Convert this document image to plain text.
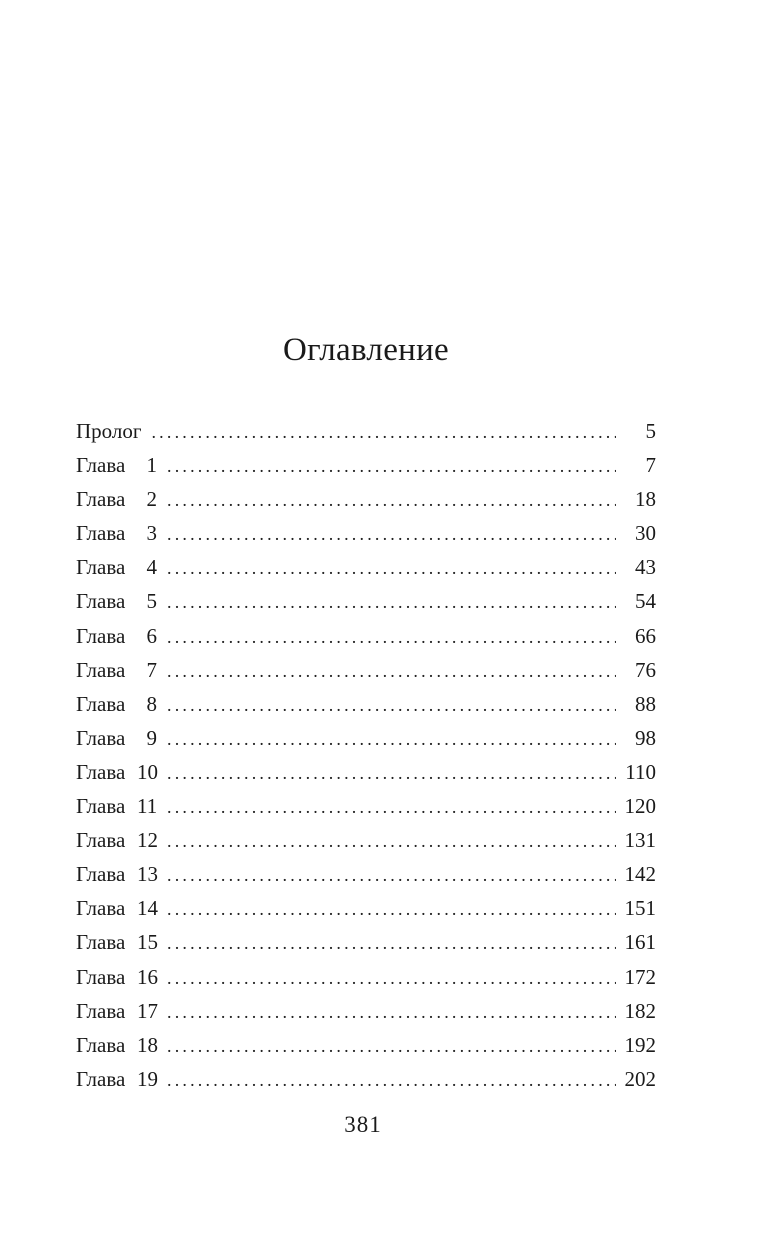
Оглавление
Пролог .....	5
Глава 1 .....	7
Глава 2 .....	18
Глава 3 .....	30
Глава 4 .....	43
Глава 5 .....	54
Глава 6 .....	66
Глава 7 .....	76
Глава 8 .....	88
Глава 9 .....	98
Глава 10 .....	110
Глава 11 .....	120
Глава 12 .....	131
Глава 13 .....	142
Глава 14 .....	151
Глава 15 .....	161
Глава 16 .....	172
Глава 17 .....	182
Глава 18 .....	192
Глава 19 .....	202
381
